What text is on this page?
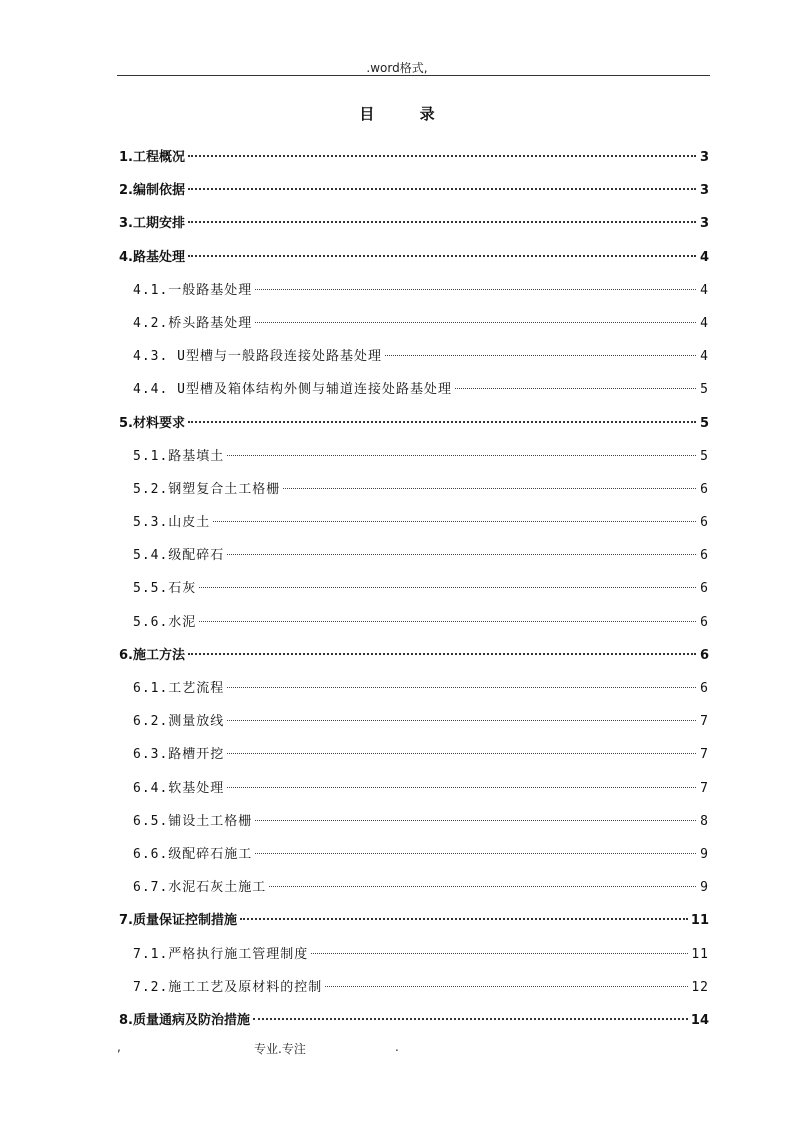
.word格式,
目 录
1.工程概况	3
2.编制依据	3
3.工期安排	3
4.路基处理	4
4.1.一般路基处理	4
4.2.桥头路基处理	4
4.3. U型槽与一般路段连接处路基处理	4
4.4. U型槽及箱体结构外侧与辅道连接处路基处理	5
5.材料要求	5
5.1.路基填土	5
5.2.钢塑复合土工格栅	6
5.3.山皮土	6
5.4.级配碎石	6
5.5.石灰	6
5.6.水泥	6
6.施工方法	6
6.1.工艺流程	6
6.2.测量放线	7
6.3.路槽开挖	7
6.4.软基处理	7
6.5.铺设土工格栅	8
6.6.级配碎石施工	9
6.7.水泥石灰土施工	9
7.质量保证控制措施	11
7.1.严格执行施工管理制度	11
7.2.施工工艺及原材料的控制	12
8.质量通病及防治措施	14
,	专业.专注	.
